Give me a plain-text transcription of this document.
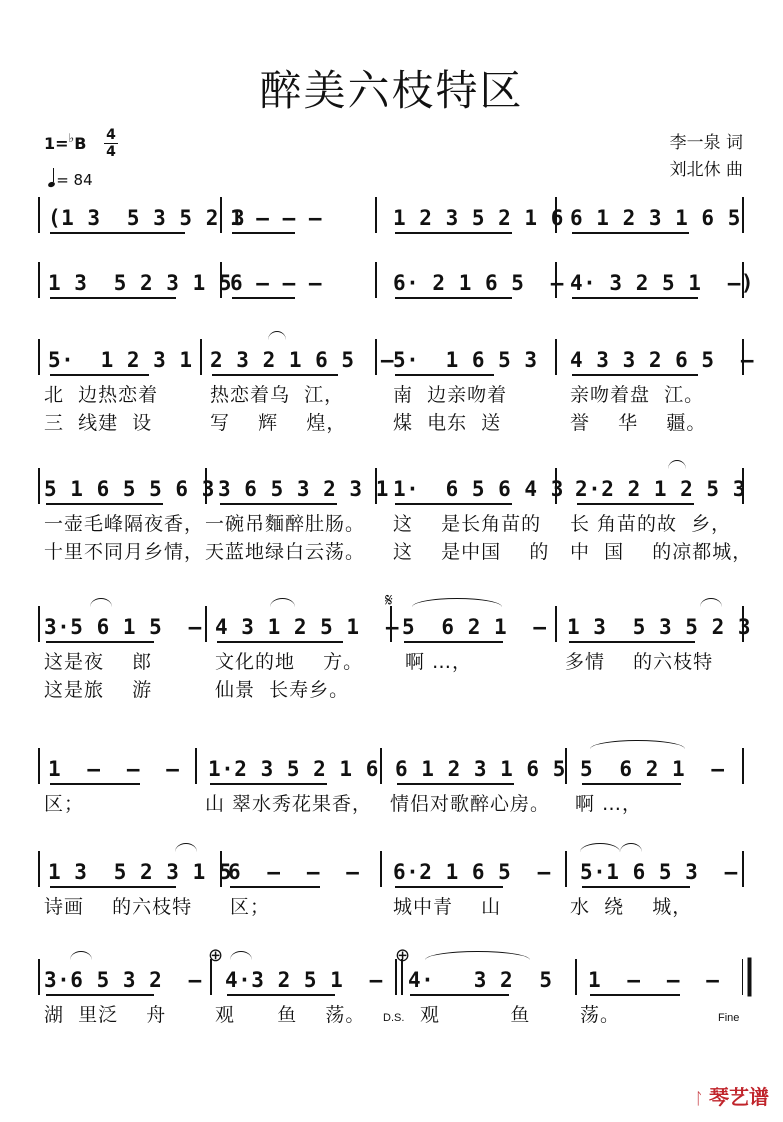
醉美六枝特区
1=♭B 4
4
= 84
李一泉 词
刘北休 曲
(1 3  5 3 5 2 3
1 – – –	1 2 3 5 2 1 6 6 1 2 3 1 6 5
1 3  5 2 3 1 5
6 – – –	6· 2 1 6 5  – 4· 3 2 5 1  –)
5·  1 2 3 1 2 3 2 1 6 5  –
5·  1 6 5 3 4 3 3 2 6 5  –
5 1 6 5 5 6 3 3 6 5 3 2 3 1 1·  6 5 6 4 3 2·2 2 1 2 5 3
3·5 6 1 5  – 4 3 1 2 5 1  – 5  6 2 1  – 1 3  5 3 5 2 3
1  –  –  – 1·2 3 5 2 1 6 6 1 2 3 1 6 5 5  6 2 1  –
1 3  5 2 3 1 5
6  –  –  – 6·2 1 6 5  – 5·1 6 5 3  –
3·6 5 3 2  – 4·3 2 5 1  – 4·   3 2  5 1  –  –  –
北  边热恋着	热恋着乌  江，	南  边亲吻着	亲吻着盘  江。
三  线建  设	写    辉    煌， 煤  电东  送	誉    华    疆。
一壶毛峰隔夜香， 一碗吊麵醉肚肠。 这    是长角苗的 长 角苗的故  乡，
十里不同月乡情， 天蓝地绿白云荡。 这    是中国    的 中  国    的凉都城，
这是夜    郎	文化的地    方。 啊 …，	多情    的六枝特
这是旅    游	仙景  长寿乡。
区；	山 翠水秀花果香， 情侣对歌醉心房。 啊 …，
诗画    的六枝特 区；	城中青    山	水  绕    城，
湖  里泛    舟	观      鱼    荡。	观          鱼	荡。
𝄋
⊕	⊕
D.S.	Fine
ᛚ 琴艺谱
